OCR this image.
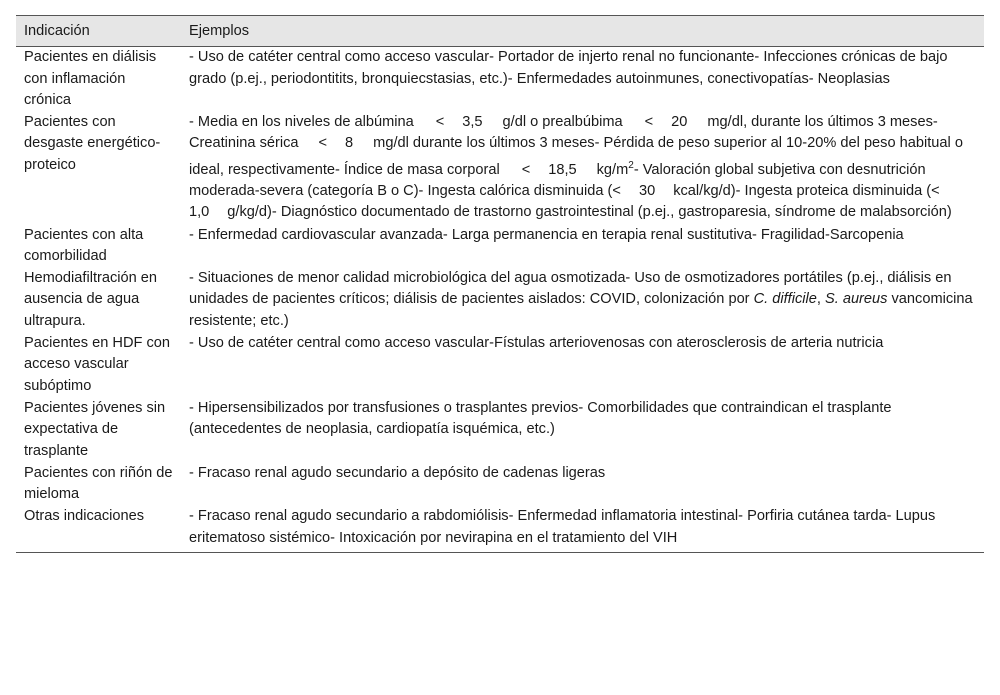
Indicación	Ejemplos
Pacientes en diálisis con inflamación crónica	- Uso de catéter central como acceso vascular- Portador de injerto renal no funcionante- Infecciones crónicas de bajo grado (p.ej., periodontitits, bronquiecstasias, etc.)- Enfermedades autoinmunes, conectivopatías- Neoplasias
Pacientes con desgaste energético-proteico	- Media en los niveles de albúmina < 3,5 g/dl o prealbúbima < 20 mg/dl, durante los últimos 3 meses- Creatinina sérica < 8 mg/dl durante los últimos 3 meses- Pérdida de peso superior al 10-20% del peso habitual o ideal, respectivamente- Índice de masa corporal < 18,5 $kg/m^2-$ Valoración global subjetiva con desnutrición moderada-severa (categoría B o C)- Ingesta calórica disminuida (< 30 kcal/kg/d)- Ingesta proteica disminuida (<1,0 g/kg/d)- Diagnóstico documentado de trastorno gastrointestinal (p.ej., gastroparesia, síndrome de malabsorción)
Pacientes con alta comorbilidad	- Enfermedad cardiovascular avanzada- Larga permanencia en terapia renal sustitutiva- Fragilidad-Sarcopenia
Hemodiafiltración en ausencia de agua ultrapura.	- Situaciones de menor calidad microbiológica del agua osmotizada- Uso de osmotizadores portátiles (p.ej., diálisis en unidades de pacientes críticos; diálisis de pacientes aislados: COVID, colonización por C. difficile, S. aureus vancomicina resistente; etc.)
Pacientes en HDF con acceso vascular subóptimo	- Uso de catéter central como acceso vascular-Fístulas arteriovenosas con aterosclerosis de arteria nutricia
Pacientes jóvenes sin expectativa de trasplante	- Hipersensibilizados por transfusiones o trasplantes previos- Comorbilidades que contraindican el trasplante (antecedentes de neoplasia, cardiopatía isquémica, etc.)
Pacientes con riñón de mieloma	- Fracaso renal agudo secundario a depósito de cadenas ligeras
Otras indicaciones	- Fracaso renal agudo secundario a rabdomiólisis- Enfermedad inflamatoria intestinal- Porfiria cutánea tarda- Lupus eritematoso sistémico- Intoxicación por nevirapina en el tratamiento del VIH
